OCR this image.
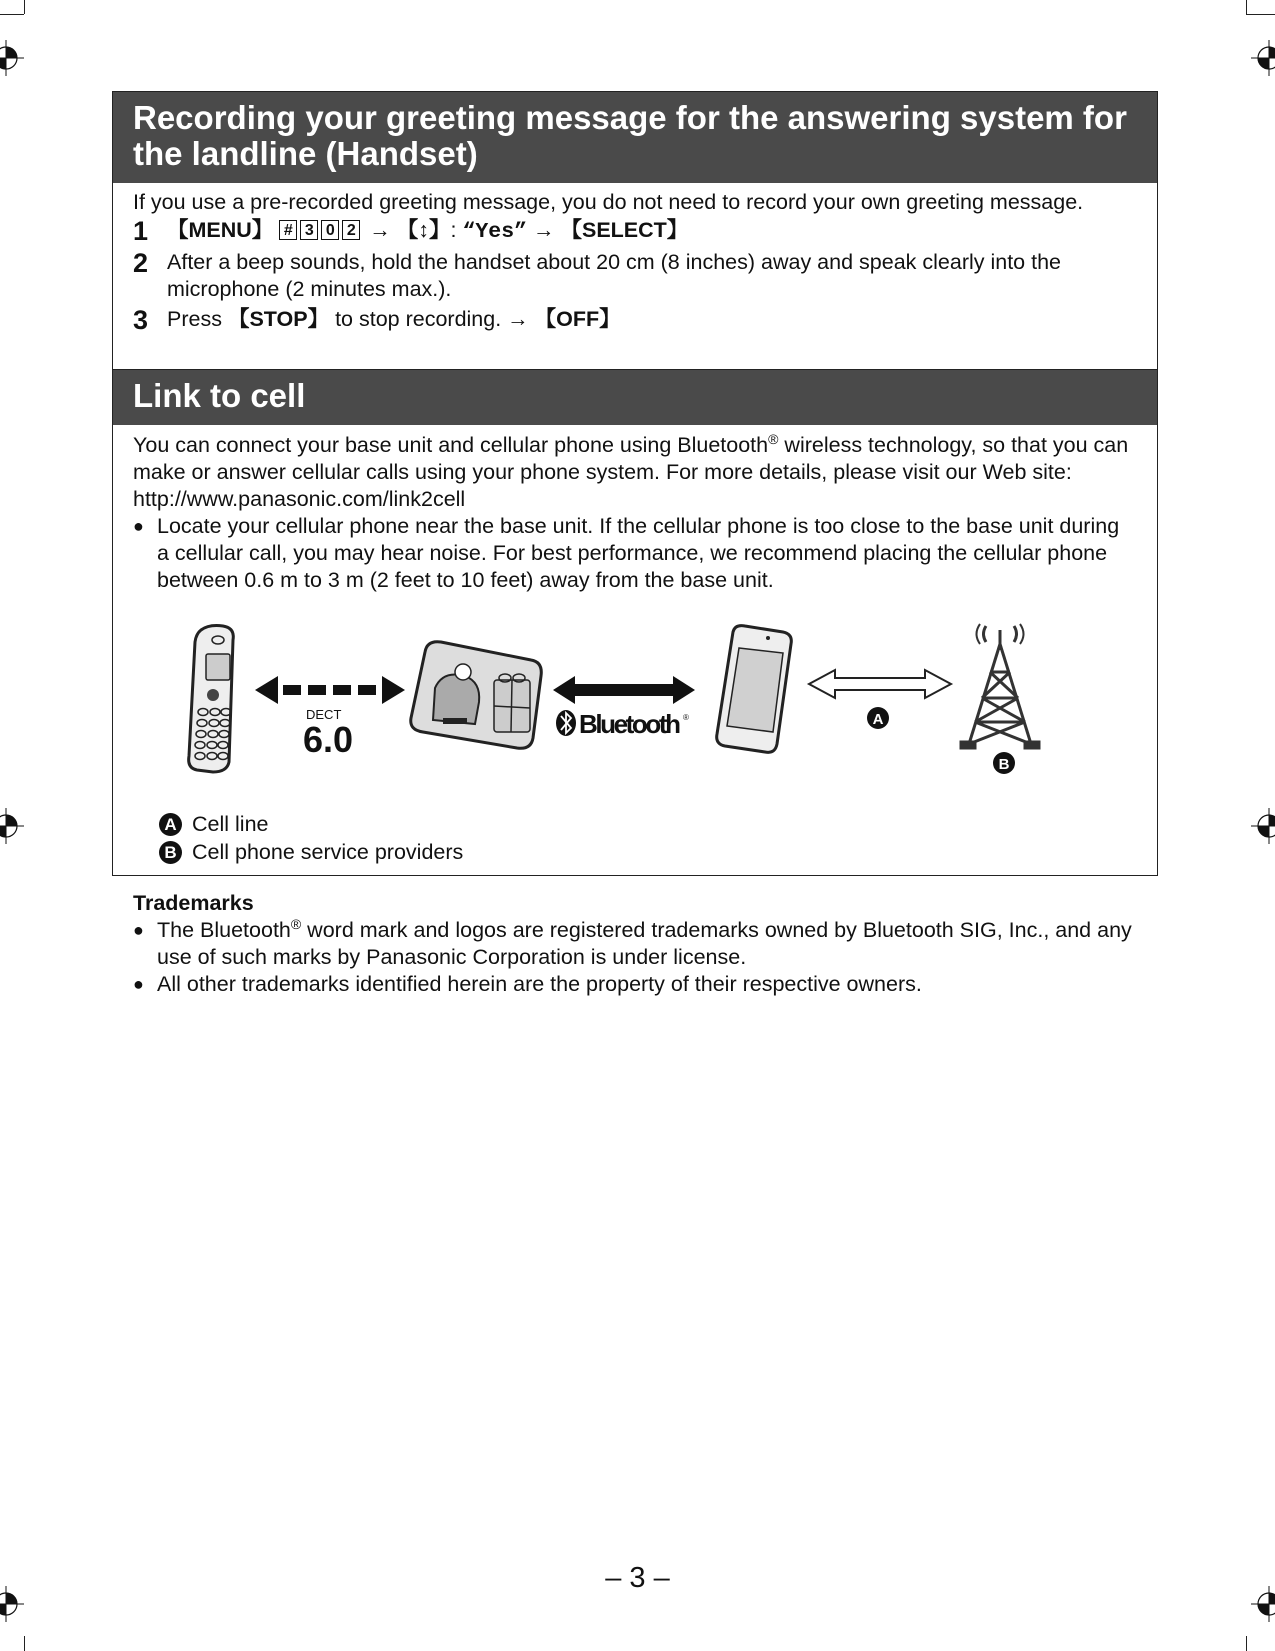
Recording your greeting message for the answering system for the landline (Handset)
If you use a pre-recorded greeting message, you do not need to record your own greeting message.
1 【MENU】 # 3 0 2 → 【↕】: “Yes” → 【SELECT】
2 After a beep sounds, hold the handset about 20 cm (8 inches) away and speak clearly into the microphone (2 minutes max.).
3 Press 【STOP】 to stop recording. → 【OFF】
Link to cell
You can connect your base unit and cellular phone using Bluetooth® wireless technology, so that you can make or answer cellular calls using your phone system. For more details, please visit our Web site: http://www.panasonic.com/link2cell
● Locate your cellular phone near the base unit. If the cellular phone is too close to the base unit during a cellular call, you may hear noise. For best performance, we recommend placing the cellular phone between 0.6 m to 3 m (2 feet to 10 feet) away from the base unit.
DECT
6.0	Bluetooth ®	A
B
A Cell line
B Cell phone service providers
Trademarks
● The Bluetooth® word mark and logos are registered trademarks owned by Bluetooth SIG, Inc., and any use of such marks by Panasonic Corporation is under license.
● All other trademarks identified herein are the property of their respective owners.
– 3 –
